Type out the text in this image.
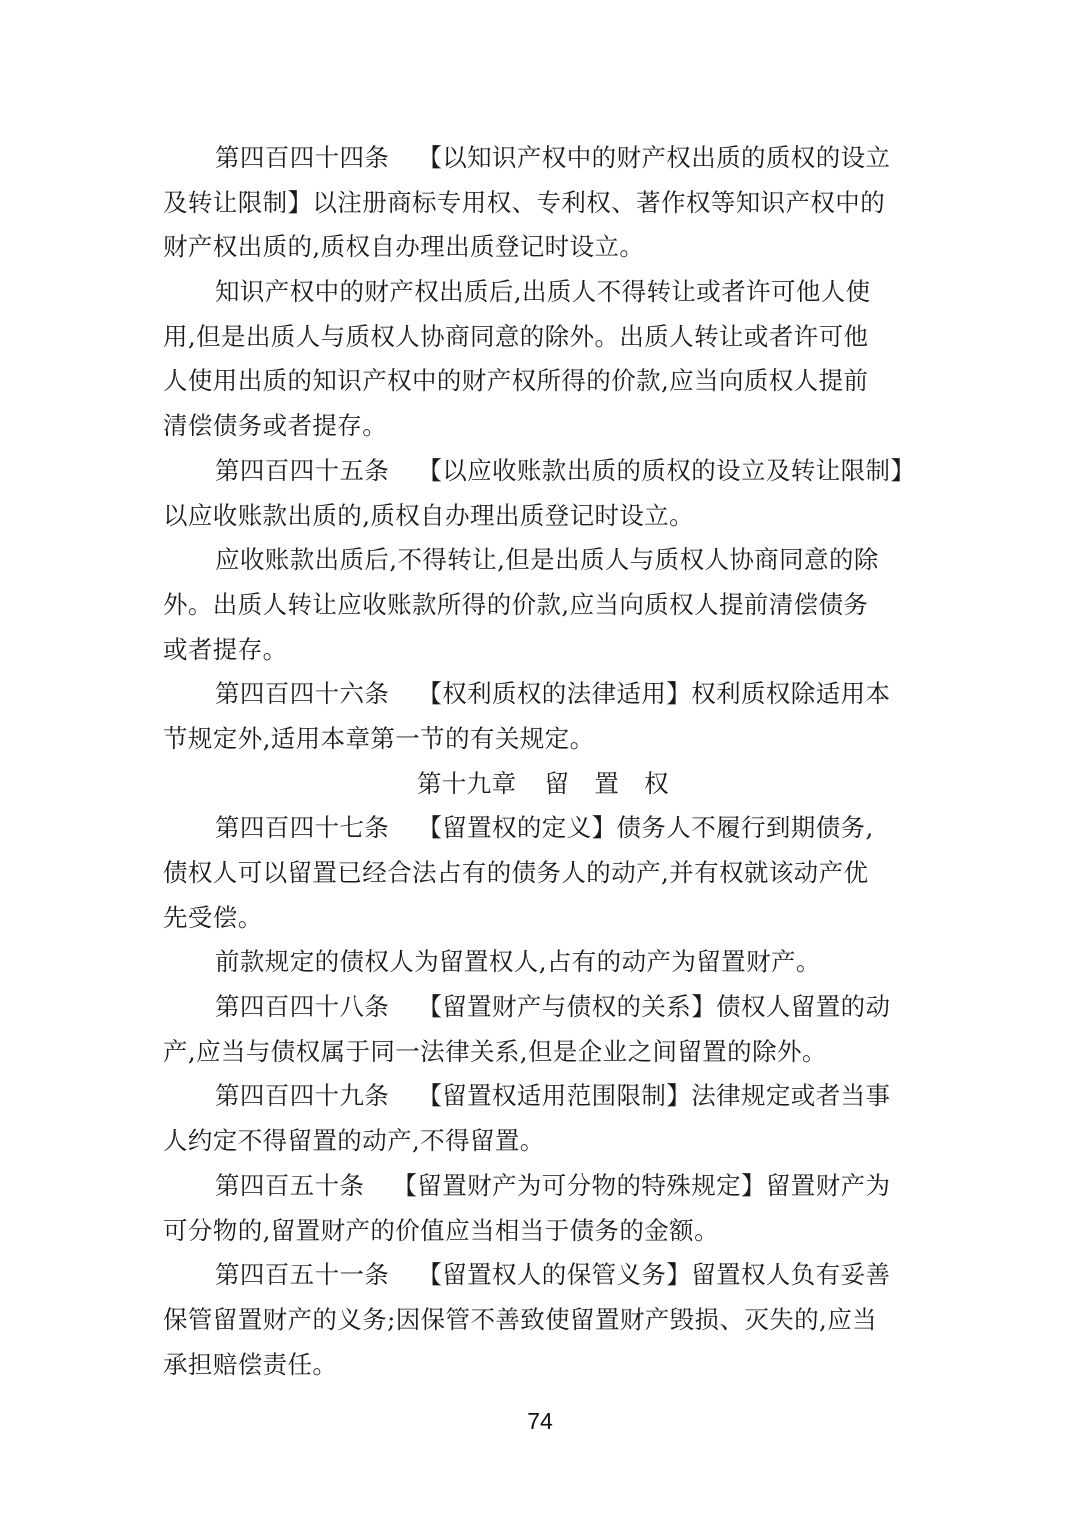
第四百四十四条 【以知识产权中的财产权出质的质权的设立
及转让限制】以注册商标专用权、专利权、著作权等知识产权中的
财产权出质的,质权自办理出质登记时设立。
知识产权中的财产权出质后,出质人不得转让或者许可他人使
用,但是出质人与质权人协商同意的除外。出质人转让或者许可他
人使用出质的知识产权中的财产权所得的价款,应当向质权人提前
清偿债务或者提存。
第四百四十五条 【以应收账款出质的质权的设立及转让限制】
以应收账款出质的,质权自办理出质登记时设立。
应收账款出质后,不得转让,但是出质人与质权人协商同意的除
外。出质人转让应收账款所得的价款,应当向质权人提前清偿债务
或者提存。
第四百四十六条 【权利质权的法律适用】权利质权除适用本
节规定外,适用本章第一节的有关规定。
第十九章 留　置　权
第四百四十七条 【留置权的定义】债务人不履行到期债务,
债权人可以留置已经合法占有的债务人的动产,并有权就该动产优
先受偿。
前款规定的债权人为留置权人,占有的动产为留置财产。
第四百四十八条 【留置财产与债权的关系】债权人留置的动
产,应当与债权属于同一法律关系,但是企业之间留置的除外。
第四百四十九条 【留置权适用范围限制】法律规定或者当事
人约定不得留置的动产,不得留置。
第四百五十条 【留置财产为可分物的特殊规定】留置财产为
可分物的,留置财产的价值应当相当于债务的金额。
第四百五十一条 【留置权人的保管义务】留置权人负有妥善
保管留置财产的义务;因保管不善致使留置财产毁损、灭失的,应当
承担赔偿责任。
74
